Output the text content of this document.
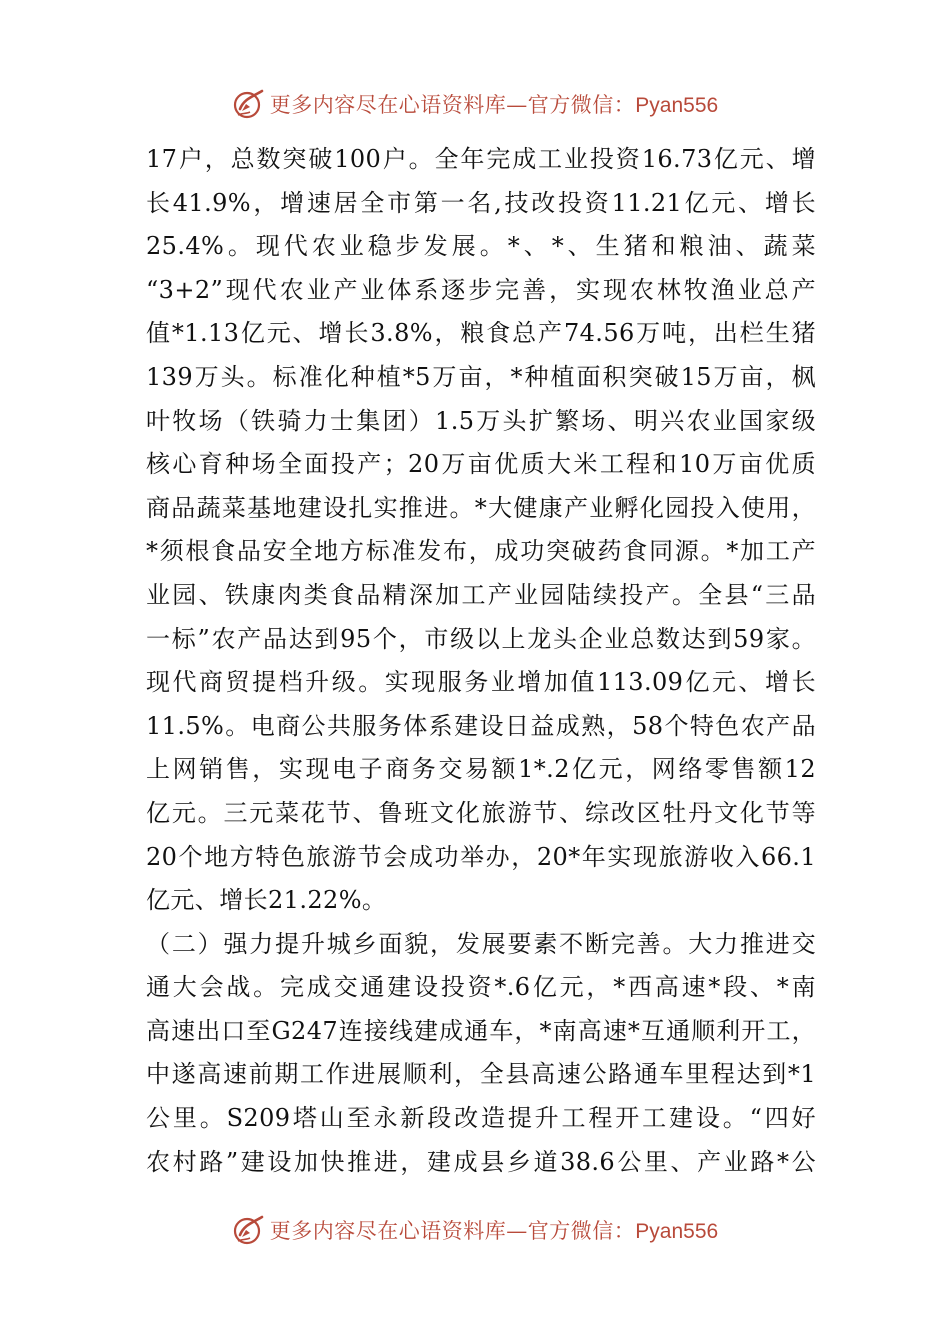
更多内容尽在心语资料库—官方微信：Pyan556
17户，总数突破100户。全年完成工业投资16.73亿元、增
长41.9%，增速居全市第一名,技改投资11.21亿元、增长
25.4%。现代农业稳步发展。*、*、生猪和粮油、蔬菜
“3+2”现代农业产业体系逐步完善，实现农林牧渔业总产
值*1.13亿元、增长3.8%，粮食总产74.56万吨，出栏生猪
139万头。标准化种植*5万亩，*种植面积突破15万亩，枫
叶牧场（铁骑力士集团）1.5万头扩繁场、明兴农业国家级
核心育种场全面投产；20万亩优质大米工程和10万亩优质
商品蔬菜基地建设扎实推进。*大健康产业孵化园投入使用，
*须根食品安全地方标准发布，成功突破药食同源。*加工产
业园、铁康肉类食品精深加工产业园陆续投产。全县“三品
一标”农产品达到95个，市级以上龙头企业总数达到59家。
现代商贸提档升级。实现服务业增加值113.09亿元、增长
11.5%。电商公共服务体系建设日益成熟，58个特色农产品
上网销售，实现电子商务交易额1*.2亿元，网络零售额12
亿元。三元菜花节、鲁班文化旅游节、综改区牡丹文化节等
20个地方特色旅游节会成功举办，20*年实现旅游收入66.1
亿元、增长21.22%。
（二）强力提升城乡面貌，发展要素不断完善。大力推进交
通大会战。完成交通建设投资*.6亿元，*西高速*段、*南
高速出口至G247连接线建成通车，*南高速*互通顺利开工，
中遂高速前期工作进展顺利，全县高速公路通车里程达到*1
公里。S209塔山至永新段改造提升工程开工建设。“四好
农村路”建设加快推进，建成县乡道38.6公里、产业路*公
更多内容尽在心语资料库—官方微信：Pyan556
